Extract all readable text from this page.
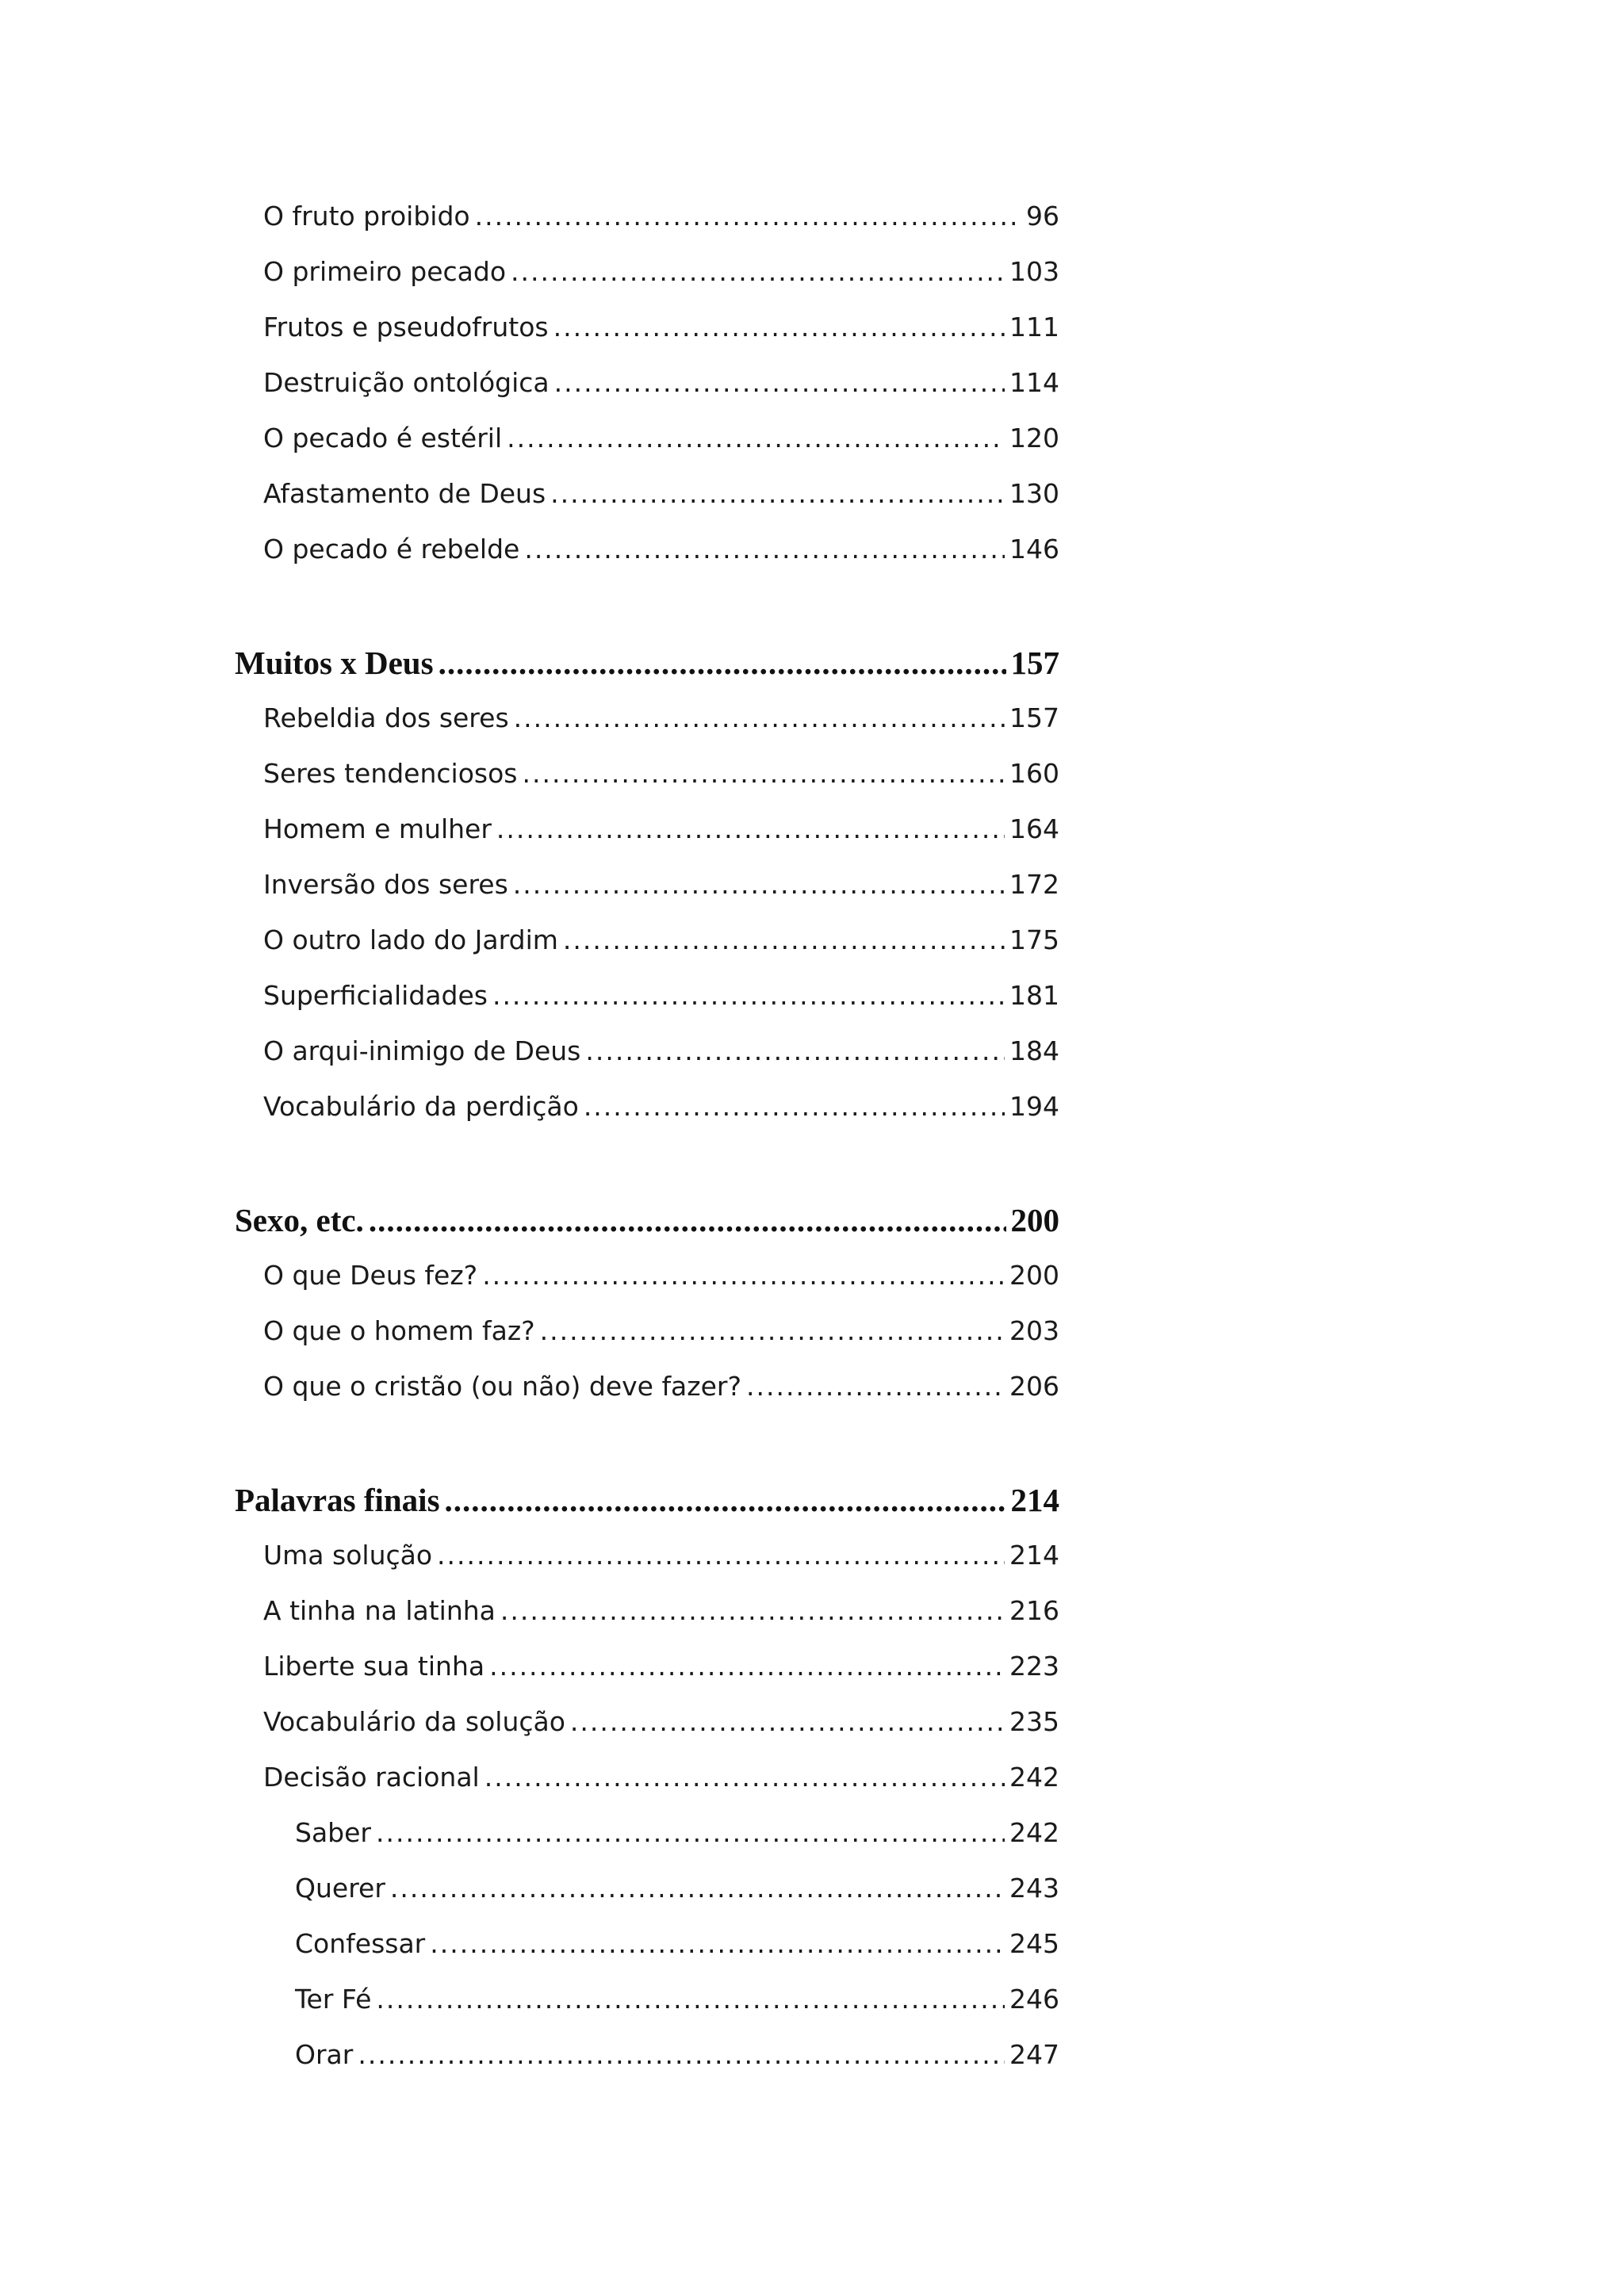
O fruto proibido .....	96
O primeiro pecado .....	103
Frutos e pseudofrutos .....	111
Destruição ontológica .....	114
O pecado é estéril .....	120
Afastamento de Deus .....	130
O pecado é rebelde .....	146
Muitos x Deus .....	157
Rebeldia dos seres .....	157
Seres tendenciosos .....	160
Homem e mulher .....	164
Inversão dos seres .....	172
O outro lado do Jardim .....	175
Superficialidades .....	181
O arqui-inimigo de Deus .....	184
Vocabulário da perdição .....	194
Sexo, etc. .....	200
O que Deus fez? .....	200
O que o homem faz? .....	203
O que o cristão (ou não) deve fazer? .....	206
Palavras finais .....	214
Uma solução .....	214
A tinha na latinha .....	216
Liberte sua tinha .....	223
Vocabulário da solução .....	235
Decisão racional .....	242
Saber .....	242
Querer .....	243
Confessar .....	245
Ter Fé .....	246
Orar .....	247
